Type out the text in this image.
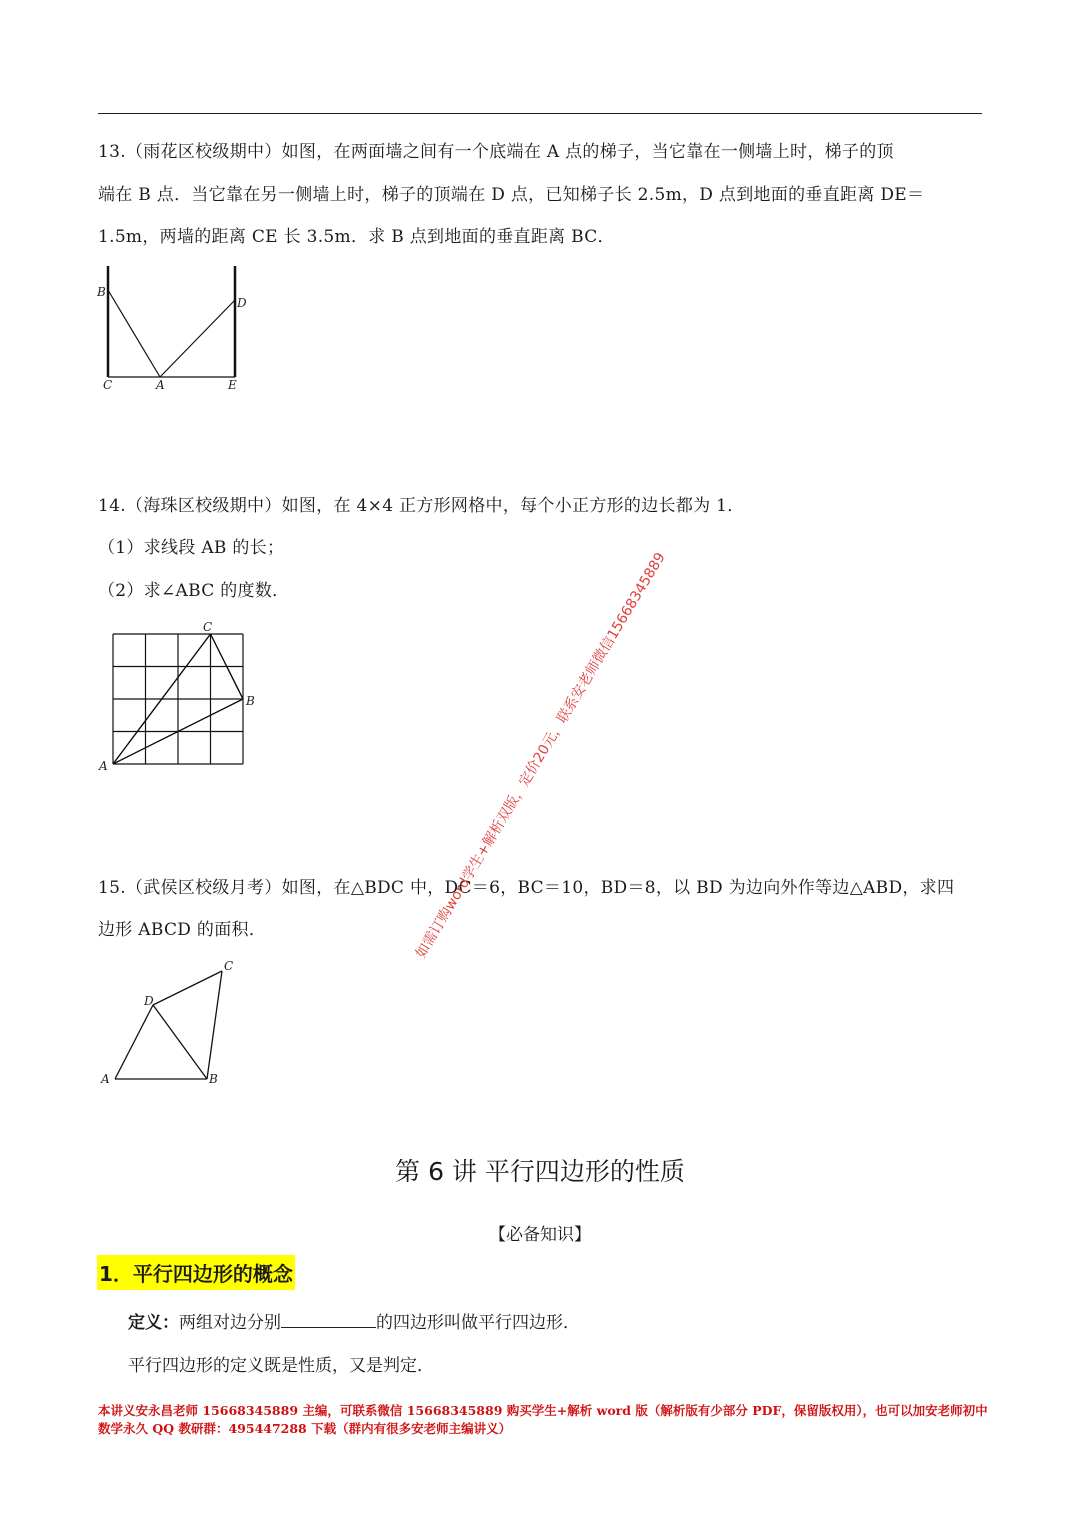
13.（雨花区校级期中）如图，在两面墙之间有一个底端在 A 点的梯子，当它靠在一侧墙上时，梯子的顶
端在 B 点．当它靠在另一侧墙上时，梯子的顶端在 D 点，已知梯子长 2.5m，D 点到地面的垂直距离 DE＝
1.5m，两墙的距离 CE 长 3.5m．求 B 点到地面的垂直距离 BC．
B
D
C	A	E
14.（海珠区校级期中）如图，在 4×4 正方形网格中，每个小正方形的边长都为 1．
（1）求线段 AB 的长；
（2）求∠ABC 的度数．
C
B
A
15.（武侯区校级月考）如图，在△BDC 中，DC＝6，BC＝10，BD＝8，以 BD 为边向外作等边△ABD，求四
边形 ABCD 的面积．
C
D
A	B
如需订购word学生+解析双版，定价20元，联系安老师微信15668345889
第 6 讲 平行四边形的性质
【必备知识】
1．平行四边形的概念
定义：两组对边分别	的四边形叫做平行四边形．
平行四边形的定义既是性质，又是判定．
本讲义安永昌老师 15668345889 主编，可联系微信 15668345889 购买学生+解析 word 版（解析版有少部分 PDF，保留版权用），也可以加安老师初中
数学永久 QQ 教研群：495447288 下载（群内有很多安老师主编讲义）
